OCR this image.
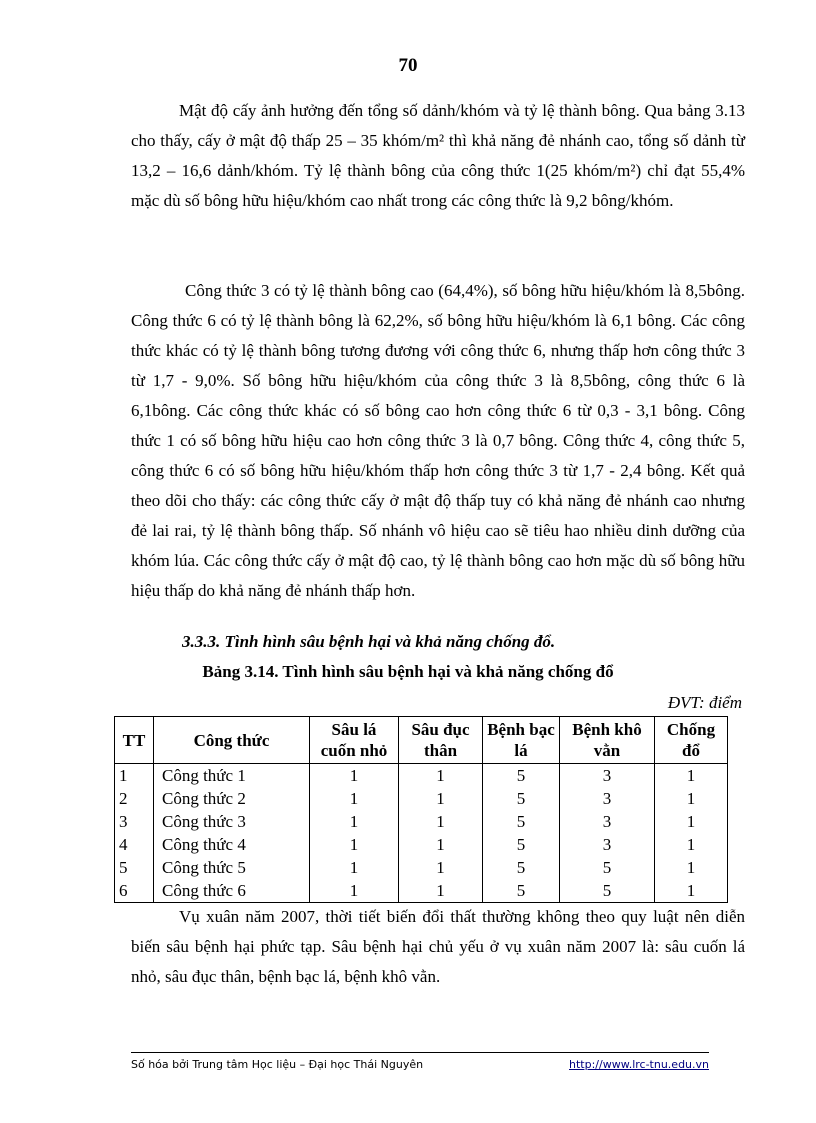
70

Mật độ cấy ảnh hưởng đến tổng số dảnh/khóm và tỷ lệ thành bông. Qua bảng 3.13 cho thấy, cấy ở mật độ thấp 25 – 35 khóm/m² thì khả năng đẻ nhánh cao, tổng số dảnh từ 13,2 – 16,6 dảnh/khóm. Tỷ lệ thành bông của công thức 1(25 khóm/m²) chỉ đạt 55,4% mặc dù số bông hữu hiệu/khóm cao nhất trong các công thức là 9,2 bông/khóm.

Công thức 3 có tỷ lệ thành bông cao (64,4%), số bông hữu hiệu/khóm là 8,5bông. Công thức 6 có tỷ lệ thành bông là 62,2%, số bông hữu hiệu/khóm là 6,1 bông. Các công thức khác có tỷ lệ thành bông tương đương với công thức 6, nhưng thấp hơn công thức 3 từ 1,7 - 9,0%. Số bông hữu hiệu/khóm của công thức 3 là 8,5bông, công thức 6 là 6,1bông. Các công thức khác có số bông cao hơn công thức 6 từ 0,3 - 3,1 bông. Công thức 1 có số bông hữu hiệu cao hơn công thức 3 là 0,7 bông. Công thức 4, công thức 5, công thức 6 có số bông hữu hiệu/khóm thấp hơn công thức 3 từ 1,7 - 2,4 bông. Kết quả theo dõi cho thấy: các công thức cấy ở mật độ thấp tuy có khả năng đẻ nhánh cao nhưng đẻ lai rai, tỷ lệ thành bông thấp. Số nhánh vô hiệu cao sẽ tiêu hao nhiều dinh dưỡng của khóm lúa. Các công thức cấy ở mật độ cao, tỷ lệ thành bông cao hơn mặc dù số bông hữu hiệu thấp do khả năng đẻ nhánh thấp hơn.

3.3.3. Tình hình sâu bệnh hại và khả năng chống đổ.
Bảng 3.14. Tình hình sâu bệnh hại và khả năng chống đổ
ĐVT: điểm
TT	Công thức	Sâu lá cuốn nhỏ	Sâu đục thân	Bệnh bạc lá	Bệnh khô vằn	Chống đổ
1	Công thức 1	1	1	5	3	1
2	Công thức 2	1	1	5	3	1
3	Công thức 3	1	1	5	3	1
4	Công thức 4	1	1	5	3	1
5	Công thức 5	1	1	5	5	1
6	Công thức 6	1	1	5	5	1

Vụ xuân năm 2007, thời tiết biến đổi thất thường không theo quy luật nên diễn biến sâu bệnh hại phức tạp. Sâu bệnh hại chủ yếu ở vụ xuân năm 2007 là: sâu cuốn lá nhỏ, sâu đục thân, bệnh bạc lá, bệnh khô vằn.

Số hóa bởi Trung tâm Học liệu – Đại học Thái Nguyên	http://www.lrc-tnu.edu.vn
